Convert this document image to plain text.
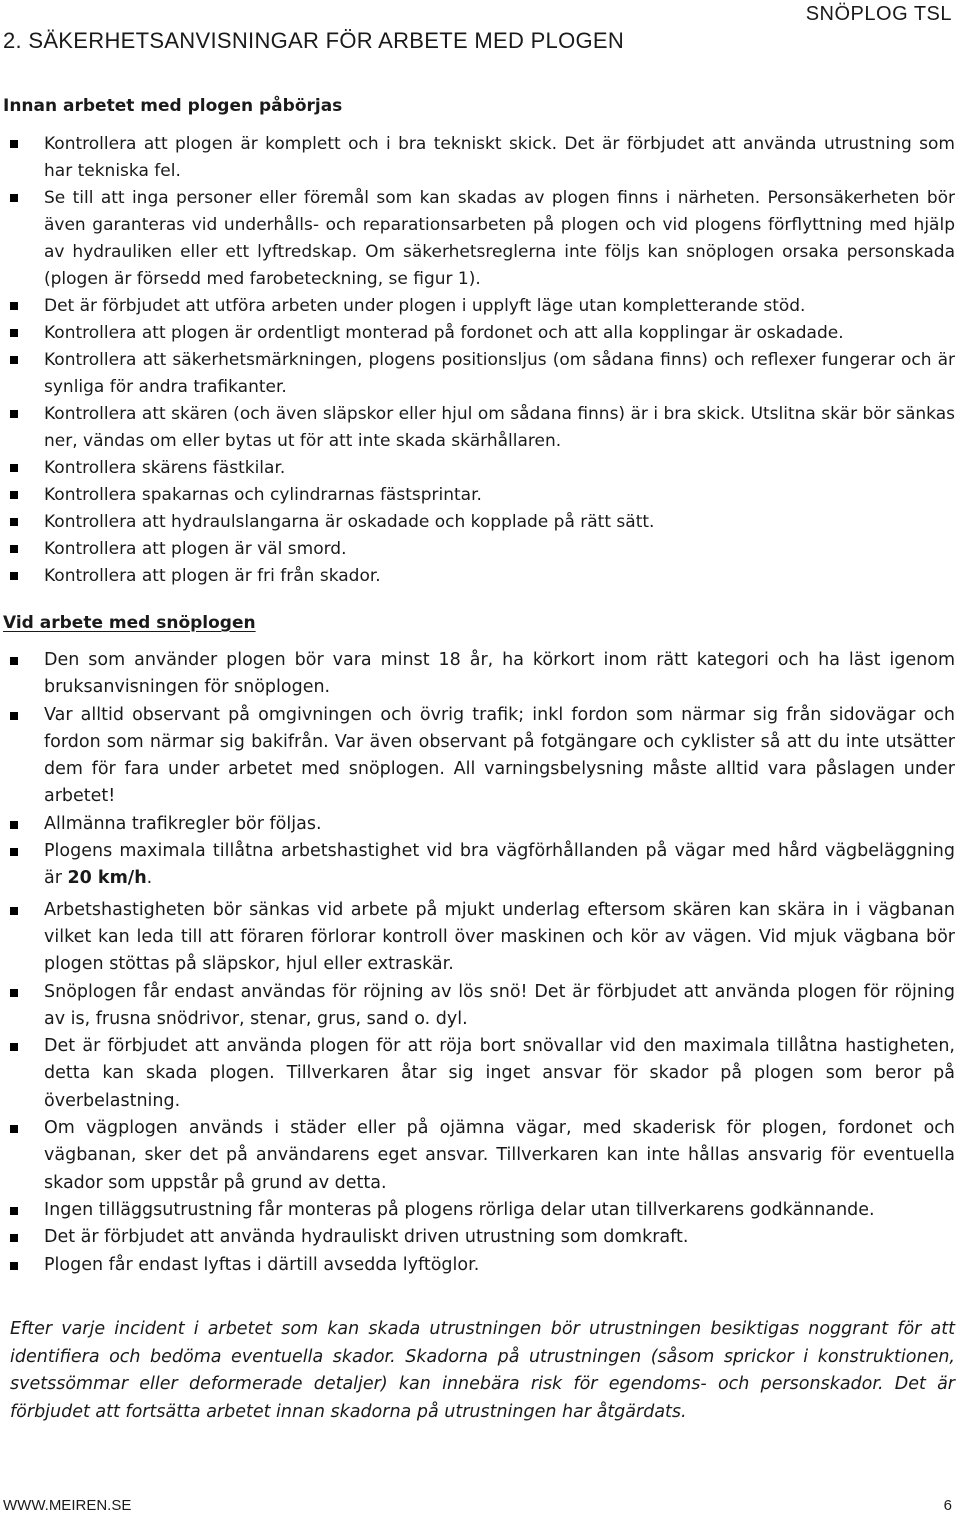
2. SÄKERHETSANVISNINGAR FÖR ARBETE MED PLOGEN
SNÖPLOG TSL
Innan arbetet med plogen påbörjas
Kontrollera att plogen är komplett och i bra tekniskt skick. Det är förbjudet att använda utrustning som har tekniska fel.
Se till att inga personer eller föremål som kan skadas av plogen finns i närheten. Personsäkerheten bör även garanteras vid underhålls- och reparationsarbeten på plogen och vid plogens förflyttning med hjälp av hydrauliken eller ett lyftredskap. Om säkerhetsreglerna inte följs kan snöplogen orsaka personskada (plogen är försedd med farobeteckning, se figur 1).
Det är förbjudet att utföra arbeten under plogen i upplyft läge utan kompletterande stöd.
Kontrollera att plogen är ordentligt monterad på fordonet och att alla kopplingar är oskadade.
Kontrollera att säkerhetsmärkningen, plogens positionsljus (om sådana finns) och reflexer fungerar och är synliga för andra trafikanter.
Kontrollera att skären (och även släpskor eller hjul om sådana finns) är i bra skick. Utslitna skär bör sänkas ner, vändas om eller bytas ut för att inte skada skärhållaren.
Kontrollera skärens fästkilar.
Kontrollera spakarnas och cylindrarnas fästsprintar.
Kontrollera att hydraulslangarna är oskadade och kopplade på rätt sätt.
Kontrollera att plogen är väl smord.
Kontrollera att plogen är fri från skador.
Vid arbete med snöplogen
Den som använder plogen bör vara minst 18 år, ha körkort inom rätt kategori och ha läst igenom bruksanvisningen för snöplogen.
Var alltid observant på omgivningen och övrig trafik; inkl fordon som närmar sig från sidovägar och fordon som närmar sig bakifrån. Var även observant på fotgängare och cyklister så att du inte utsätter dem för fara under arbetet med snöplogen. All varningsbelysning måste alltid vara påslagen under arbetet!
Allmänna trafikregler bör följas.
Plogens maximala tillåtna arbetshastighet vid bra vägförhållanden på vägar med hård vägbeläggning är 20 km/h.
Arbetshastigheten bör sänkas vid arbete på mjukt underlag eftersom skären kan skära in i vägbanan vilket kan leda till att föraren förlorar kontroll över maskinen och kör av vägen. Vid mjuk vägbana bör plogen stöttas på släpskor, hjul eller extraskär.
Snöplogen får endast användas för röjning av lös snö! Det är förbjudet att använda plogen för röjning av is, frusna snödrivor, stenar, grus, sand o. dyl.
Det är förbjudet att använda plogen för att röja bort snövallar vid den maximala tillåtna hastigheten, detta kan skada plogen. Tillverkaren åtar sig inget ansvar för skador på plogen som beror på överbelastning.
Om vägplogen används i städer eller på ojämna vägar, med skaderisk för plogen, fordonet och vägbanan, sker det på användarens eget ansvar. Tillverkaren kan inte hållas ansvarig för eventuella skador som uppstår på grund av detta.
Ingen tilläggsutrustning får monteras på plogens rörliga delar utan tillverkarens godkännande.
Det är förbjudet att använda hydrauliskt driven utrustning som domkraft.
Plogen får endast lyftas i därtill avsedda lyftöglor.

Efter varje incident i arbetet som kan skada utrustningen bör utrustningen besiktigas noggrant för att identifiera och bedöma eventuella skador. Skadorna på utrustningen (såsom sprickor i konstruktionen, svetssömmar eller deformerade detaljer) kan innebära risk för egendoms- och personskador. Det är förbjudet att fortsätta arbetet innan skadorna på utrustningen har åtgärdats.

WWW.MEIREN.SE	6
